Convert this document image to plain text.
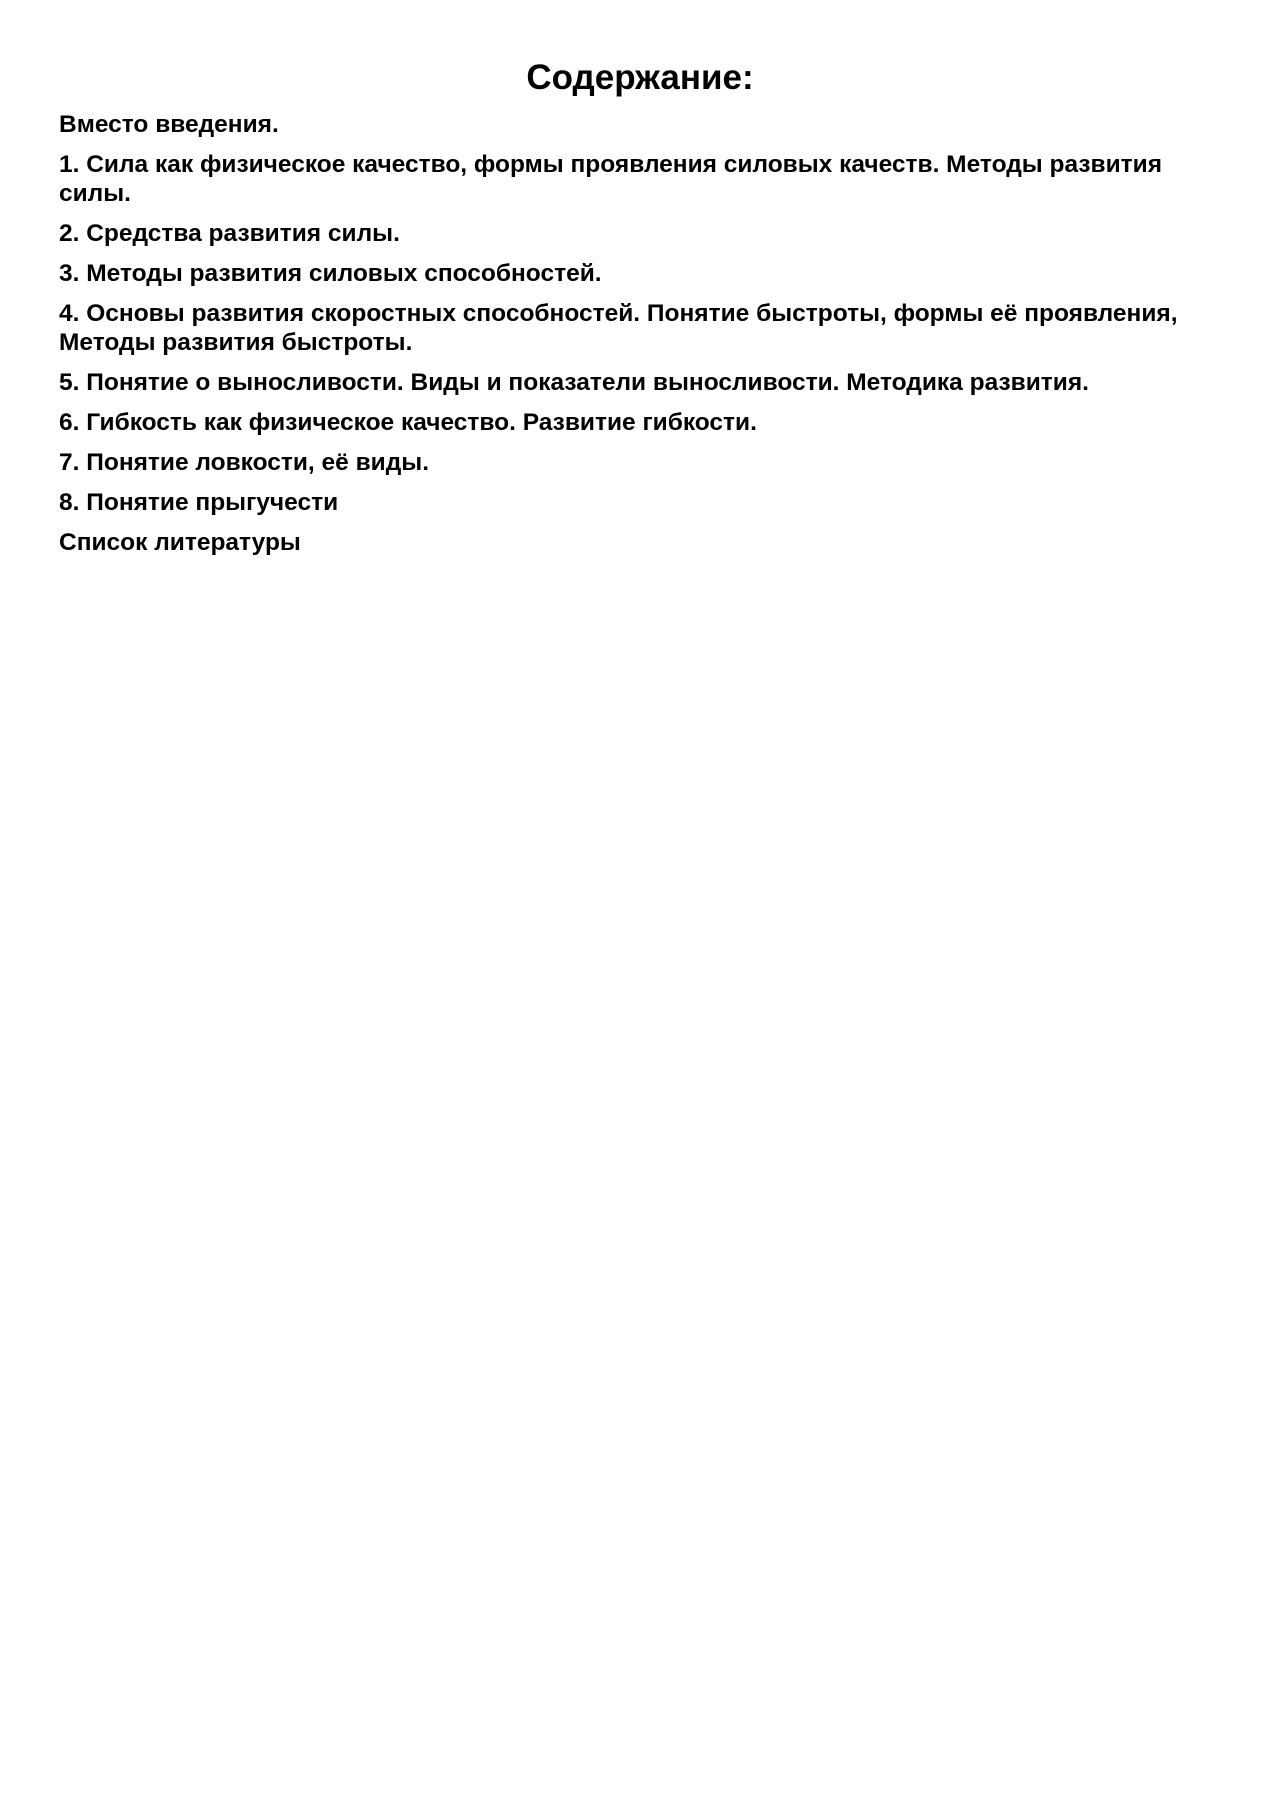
Содержание:
Вместо введения.
1. Сила как физическое качество, формы проявления силовых качеств. Методы развития силы.
2. Средства развития силы.
3. Методы развития силовых способностей.
4. Основы развития скоростных способностей. Понятие быстроты, формы её проявления, Методы развития быстроты.
5. Понятие о выносливости. Виды и показатели выносливости. Методика развития.
6. Гибкость как физическое качество. Развитие гибкости.
7. Понятие ловкости, её виды.
8. Понятие прыгучести
Список литературы
